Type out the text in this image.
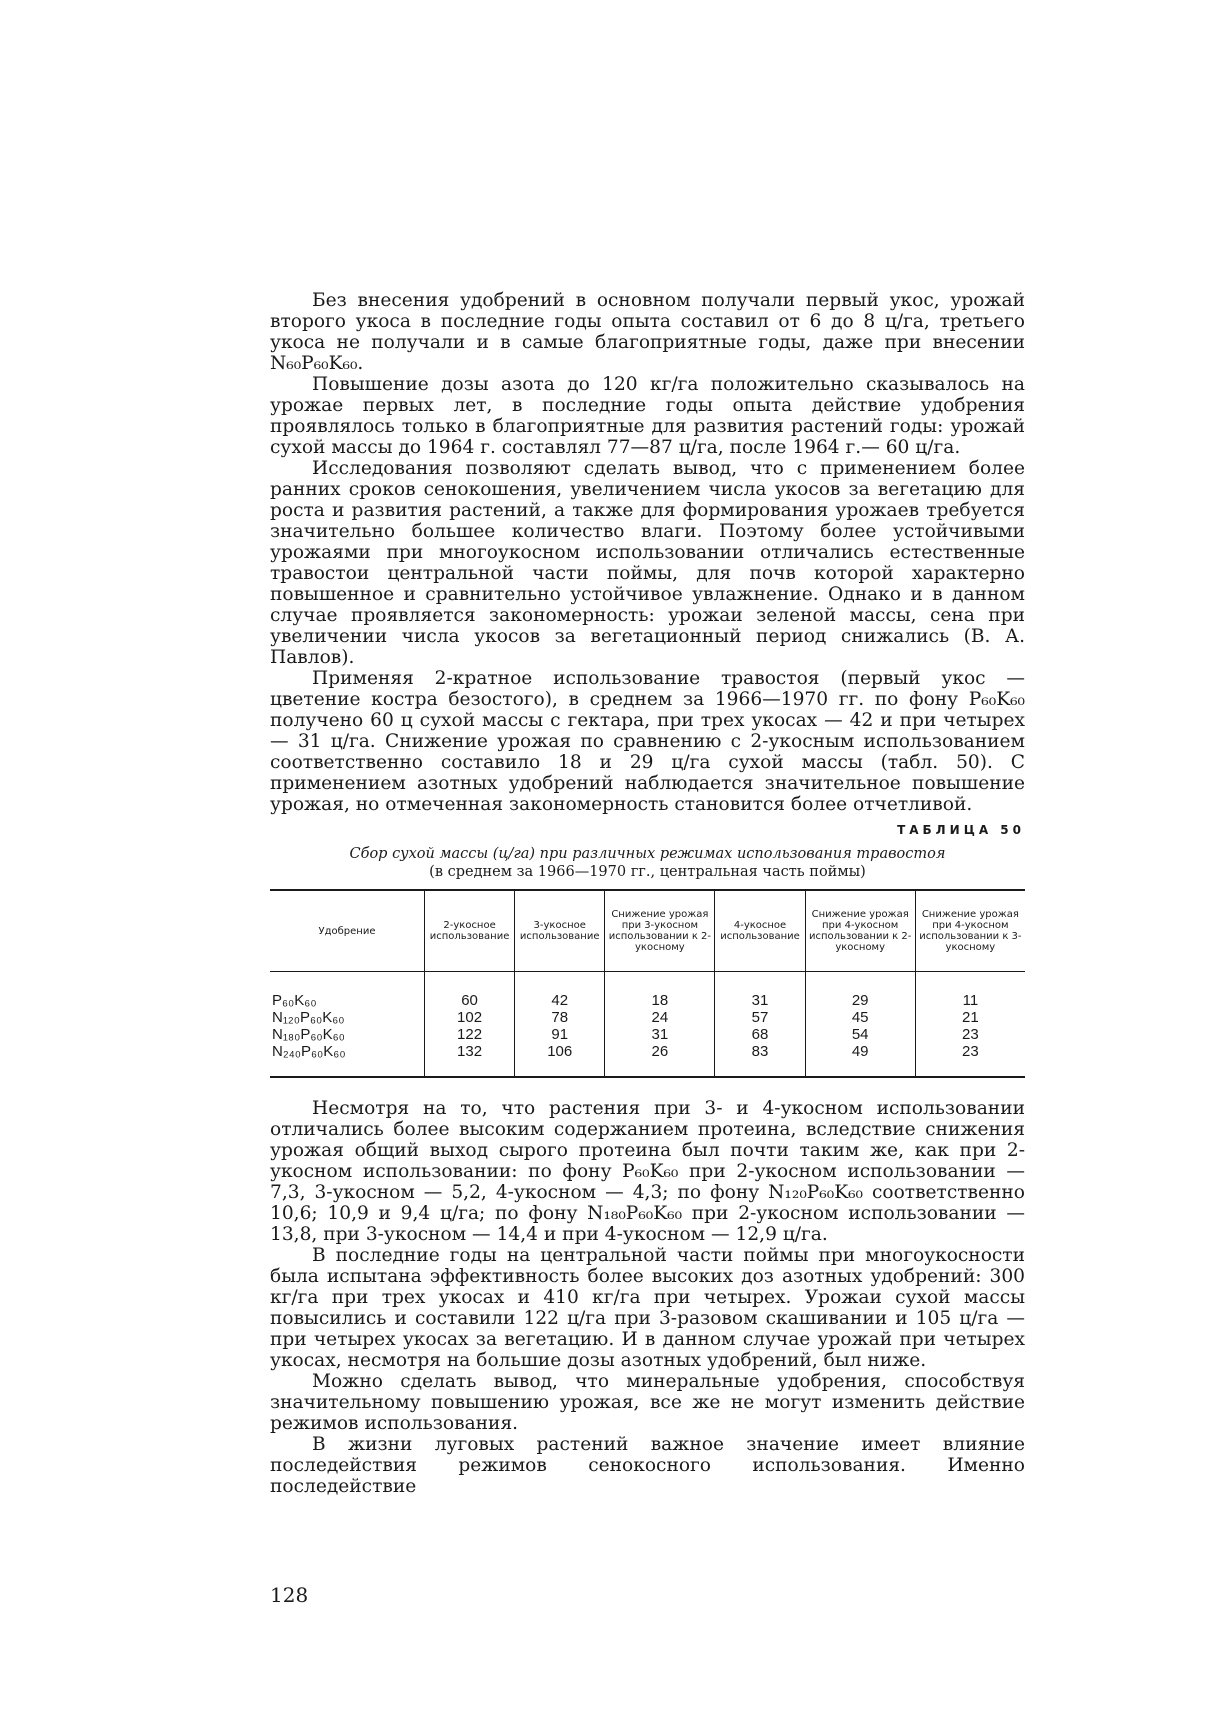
Без внесения удобрений в основном получали первый укос, урожай второго укоса в последние годы опыта составил от 6 до 8 ц/га, третьего укоса не получали и в самые благоприятные годы, даже при внесении N₆₀P₆₀K₆₀.

Повышение дозы азота до 120 кг/га положительно сказывалось на урожае первых лет, в последние годы опыта действие удобрения проявлялось только в благоприятные для развития растений годы: урожай сухой массы до 1964 г. составлял 77—87 ц/га, после 1964 г.— 60 ц/га.

Исследования позволяют сделать вывод, что с применением более ранних сроков сенокошения, увеличением числа укосов за вегетацию для роста и развития растений, а также для формирования урожаев требуется значительно большее количество влаги. Поэтому более устойчивыми урожаями при многоукосном использовании отличались естественные травостои центральной части поймы, для почв которой характерно повышенное и сравнительно устойчивое увлажнение. Однако и в данном случае проявляется закономерность: урожаи зеленой массы, сена при увеличении числа укосов за вегетационный период снижались (В. А. Павлов).

Применяя 2-кратное использование травостоя (первый укос — цветение костра безостого), в среднем за 1966—1970 гг. по фону P₆₀K₆₀ получено 60 ц сухой массы с гектара, при трех укосах — 42 и при четырех — 31 ц/га. Снижение урожая по сравнению с 2-укосным использованием соответственно составило 18 и 29 ц/га сухой массы (табл. 50). С применением азотных удобрений наблюдается значительное повышение урожая, но отмеченная закономерность становится более отчетливой.

ТАБЛИЦА 50
Сбор сухой массы (ц/га) при различных режимах использования травостоя
(в среднем за 1966—1970 гг., центральная часть поймы)
Удобрение	2-укосное использование	3-укосное использование	Снижение урожая при 3-укосном использовании к 2-укосному	4-укосное использование	Снижение урожая при 4-укосном использовании к 2-укосному	Снижение урожая при 4-укосном использовании к 3-укосному
P₆₀K₆₀	60	42	18	31	29	11
N₁₂₀P₆₀K₆₀	102	78	24	57	45	21
N₁₈₀P₆₀K₆₀	122	91	31	68	54	23
N₂₄₀P₆₀K₆₀	132	106	26	83	49	23

Несмотря на то, что растения при 3- и 4-укосном использовании отличались более высоким содержанием протеина, вследствие снижения урожая общий выход сырого протеина был почти таким же, как при 2-укосном использовании: по фону P₆₀K₆₀ при 2-укосном использовании — 7,3, 3-укосном — 5,2, 4-укосном — 4,3; по фону N₁₂₀P₆₀K₆₀ соответственно 10,6; 10,9 и 9,4 ц/га; по фону N₁₈₀P₆₀K₆₀ при 2-укосном использовании — 13,8, при 3-укосном — 14,4 и при 4-укосном — 12,9 ц/га.

В последние годы на центральной части поймы при многоукосности была испытана эффективность более высоких доз азотных удобрений: 300 кг/га при трех укосах и 410 кг/га при четырех. Урожаи сухой массы повысились и составили 122 ц/га при 3-разовом скашивании и 105 ц/га — при четырех укосах за вегетацию. И в данном случае урожай при четырех укосах, несмотря на большие дозы азотных удобрений, был ниже.

Можно сделать вывод, что минеральные удобрения, способствуя значительному повышению урожая, все же не могут изменить действие режимов использования.

В жизни луговых растений важное значение имеет влияние последействия режимов сенокосного использования. Именно последействие

128
